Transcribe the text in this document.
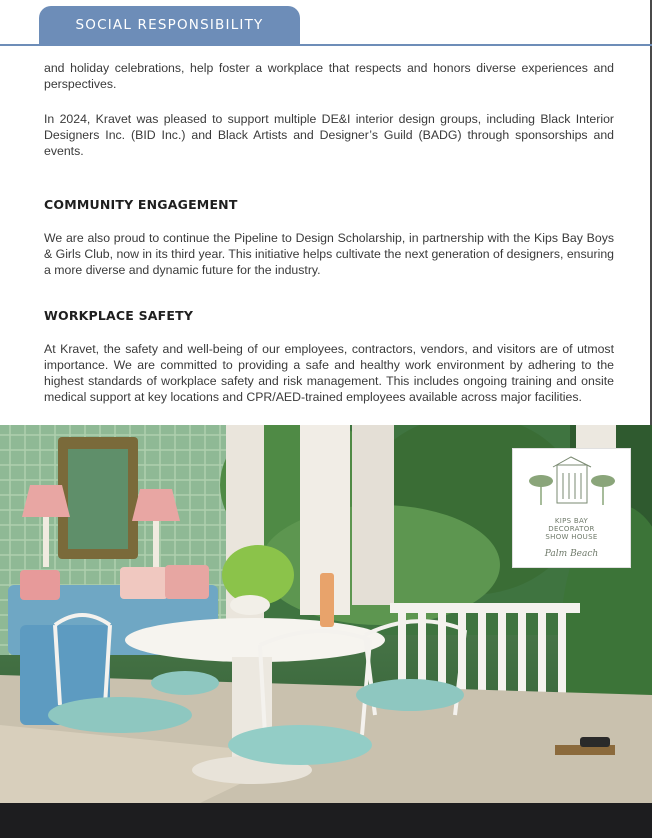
SOCIAL RESPONSIBILITY

and holiday celebrations, help foster a workplace that respects and honors diverse experiences and perspectives.

In 2024, Kravet was pleased to support multiple DE&I interior design groups, including Black Interior Designers Inc. (BID Inc.) and Black Artists and Designer’s Guild (BADG) through sponsorships and events.

COMMUNITY ENGAGEMENT

We are also proud to continue the Pipeline to Design Scholarship, in partnership with the Kips Bay Boys & Girls Club, now in its third year. This initiative helps cultivate the next generation of designers, ensuring a more diverse and dynamic future for the industry.

WORKPLACE SAFETY

At Kravet, the safety and well-being of our employees, contractors, vendors, and visitors are of utmost importance. We are committed to providing a safe and healthy work environment by adhering to the highest standards of workplace safety and risk management. This includes ongoing training and onsite medical support at key locations and CPR/AED-trained employees available across major facilities.

KIPS BAY
DECORATOR
SHOW HOUSE
Palm Beach
